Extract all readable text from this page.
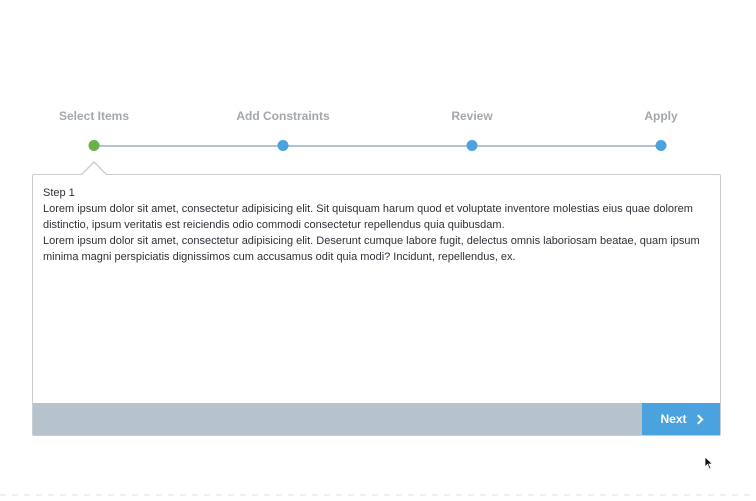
Select Items	Add Constraints	Review	Apply

Step 1

Lorem ipsum dolor sit amet, consectetur adipisicing elit. Sit quisquam harum quod et voluptate inventore molestias eius quae dolorem distinctio, ipsum veritatis est reiciendis odio commodi consectetur repellendus quia quibusdam.

Lorem ipsum dolor sit amet, consectetur adipisicing elit. Deserunt cumque labore fugit, delectus omnis laboriosam beatae, quam ipsum minima magni perspiciatis dignissimos cum accusamus odit quia modi? Incidunt, repellendus, ex.

Next
